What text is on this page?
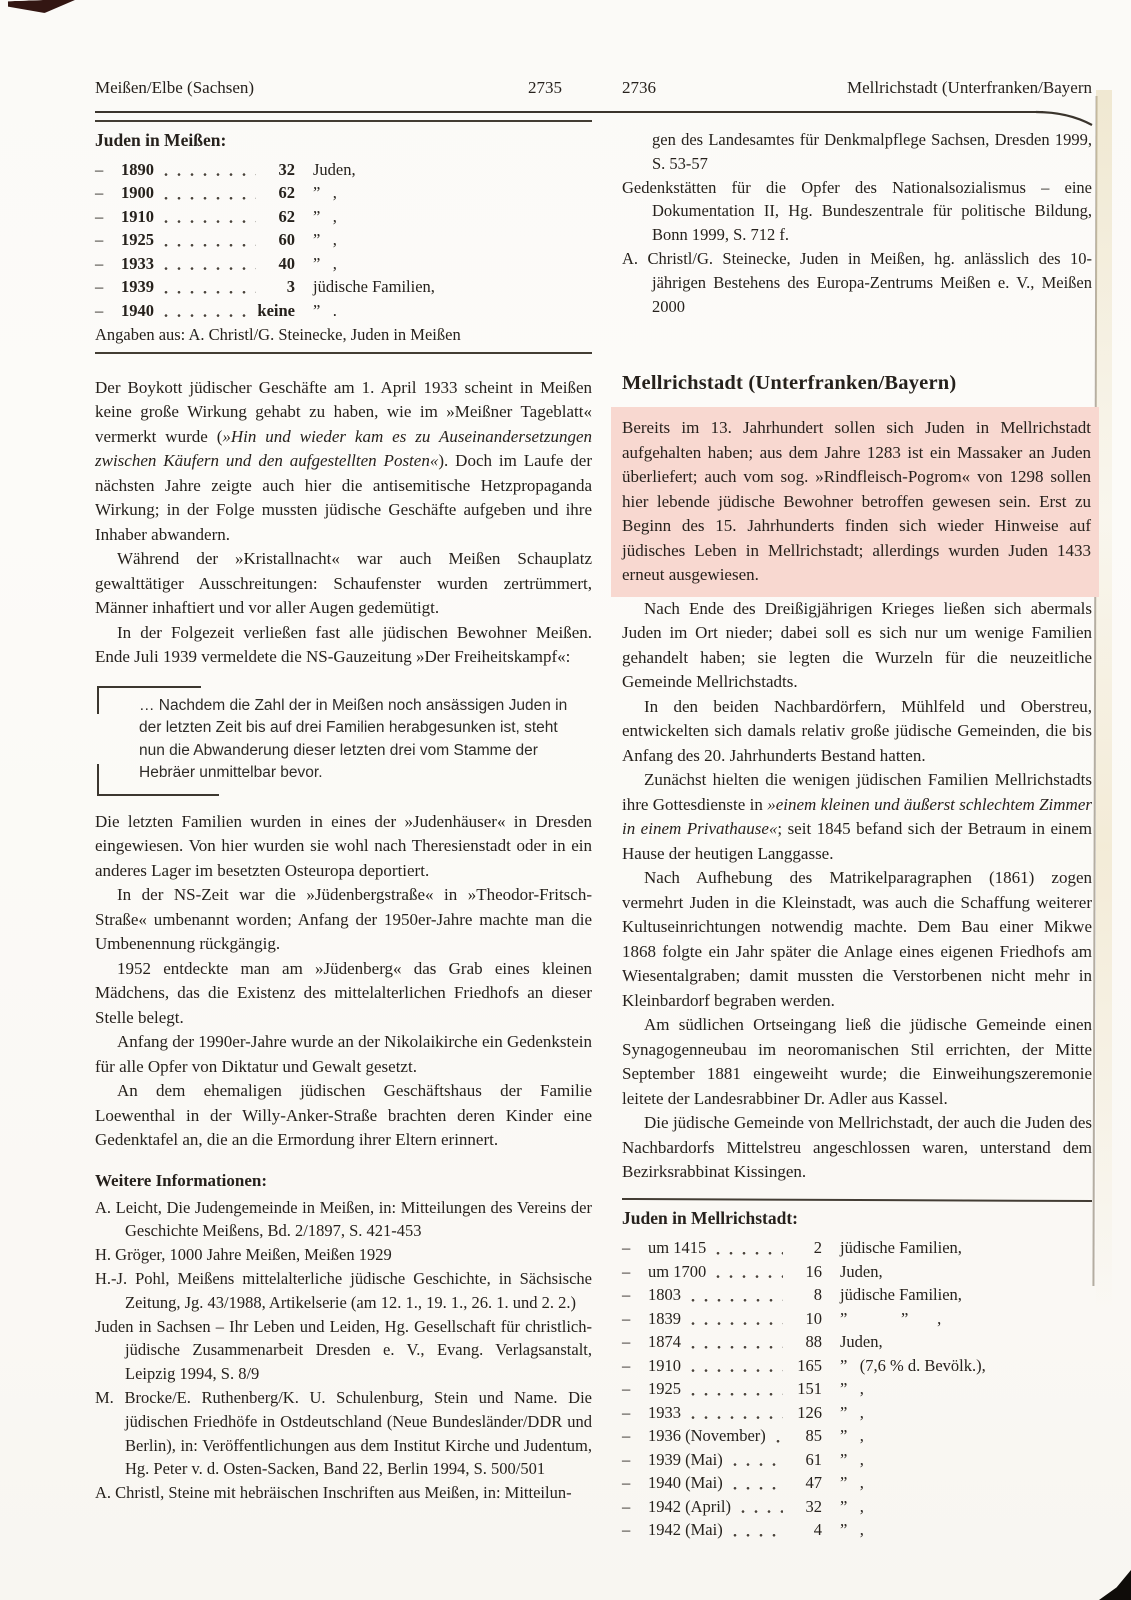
Meißen/Elbe (Sachsen)	2735	2736	Mellrichstadt (Unterfranken/Bayern
Juden in Meißen:
–	1890	32	Juden,
–	1900	62	”   ,
–	1910	62	”   ,
–	1925	60	”   ,
–	1933	40	”   ,
–	1939	3	jüdische Familien,
–	1940	keine	”   .
Angaben aus: A. Christl/G. Steinecke, Juden in Meißen
Der Boykott jüdischer Geschäfte am 1. April 1933 scheint in Meißen keine große Wirkung gehabt zu haben, wie im »Meißner Tageblatt« vermerkt wurde (»Hin und wieder kam es zu Auseinandersetzungen zwischen Käufern und den aufgestellten Posten«). Doch im Laufe der nächsten Jahre zeigte auch hier die antisemitische Hetzpropaganda Wirkung; in der Folge mussten jüdische Geschäfte aufgeben und ihre Inhaber abwandern.
Während der »Kristallnacht« war auch Meißen Schauplatz gewalttätiger Ausschreitungen: Schaufenster wurden zertrümmert, Männer inhaftiert und vor aller Augen gedemütigt.
In der Folgezeit verließen fast alle jüdischen Bewohner Meißen. Ende Juli 1939 vermeldete die NS-Gauzeitung »Der Freiheitskampf«:
… Nachdem die Zahl der in Meißen noch ansässigen Juden in der letzten Zeit bis auf drei Familien herabgesunken ist, steht nun die Abwanderung dieser letzten drei vom Stamme der Hebräer unmittelbar bevor.
Die letzten Familien wurden in eines der »Judenhäuser« in Dresden eingewiesen. Von hier wurden sie wohl nach Theresienstadt oder in ein anderes Lager im besetzten Osteuropa deportiert.
In der NS-Zeit war die »Jüdenbergstraße« in »Theodor-Fritsch-Straße« umbenannt worden; Anfang der 1950er-Jahre machte man die Umbenennung rückgängig.
1952 entdeckte man am »Jüdenberg« das Grab eines kleinen Mädchens, das die Existenz des mittelalterlichen Friedhofs an dieser Stelle belegt.
Anfang der 1990er-Jahre wurde an der Nikolaikirche ein Gedenkstein für alle Opfer von Diktatur und Gewalt gesetzt.
An dem ehemaligen jüdischen Geschäftshaus der Familie Loewenthal in der Willy-Anker-Straße brachten deren Kinder eine Gedenktafel an, die an die Ermordung ihrer Eltern erinnert.
Weitere Informationen:
A. Leicht, Die Judengemeinde in Meißen, in: Mitteilungen des Vereins der Geschichte Meißens, Bd. 2/1897, S. 421-453
H. Gröger, 1000 Jahre Meißen, Meißen 1929
H.-J. Pohl, Meißens mittelalterliche jüdische Geschichte, in Sächsische Zeitung, Jg. 43/1988, Artikelserie (am 12. 1., 19. 1., 26. 1. und 2. 2.)
Juden in Sachsen – Ihr Leben und Leiden, Hg. Gesellschaft für christlich-jüdische Zusammenarbeit Dresden e. V., Evang. Verlagsanstalt, Leipzig 1994, S. 8/9
M. Brocke/E. Ruthenberg/K. U. Schulenburg, Stein und Name. Die jüdischen Friedhöfe in Ostdeutschland (Neue Bundesländer/DDR und Berlin), in: Veröffentlichungen aus dem Institut Kirche und Judentum, Hg. Peter v. d. Osten-Sacken, Band 22, Berlin 1994, S. 500/501
A. Christl, Steine mit hebräischen Inschriften aus Meißen, in: Mitteilun-
gen des Landesamtes für Denkmalpflege Sachsen, Dresden 1999, S. 53-57
Gedenkstätten für die Opfer des Nationalsozialismus – eine Dokumentation II, Hg. Bundeszentrale für politische Bildung, Bonn 1999, S. 712 f.
A. Christl/G. Steinecke, Juden in Meißen, hg. anlässlich des 10-jährigen Bestehens des Europa-Zentrums Meißen e. V., Meißen 2000
Mellrichstadt (Unterfranken/Bayern)
Bereits im 13. Jahrhundert sollen sich Juden in Mellrichstadt aufgehalten haben; aus dem Jahre 1283 ist ein Massaker an Juden überliefert; auch vom sog. »Rindfleisch-Pogrom« von 1298 sollen hier lebende jüdische Bewohner betroffen gewesen sein. Erst zu Beginn des 15. Jahrhunderts finden sich wieder Hinweise auf jüdisches Leben in Mellrichstadt; allerdings wurden Juden 1433 erneut ausgewiesen.
Nach Ende des Dreißigjährigen Krieges ließen sich abermals Juden im Ort nieder; dabei soll es sich nur um wenige Familien gehandelt haben; sie legten die Wurzeln für die neuzeitliche Gemeinde Mellrichstadts.
In den beiden Nachbardörfern, Mühlfeld und Oberstreu, entwickelten sich damals relativ große jüdische Gemeinden, die bis Anfang des 20. Jahrhunderts Bestand hatten.
Zunächst hielten die wenigen jüdischen Familien Mellrichstadts ihre Gottesdienste in »einem kleinen und äußerst schlechtem Zimmer in einem Privathause«; seit 1845 befand sich der Betraum in einem Hause der heutigen Langgasse.
Nach Aufhebung des Matrikelparagraphen (1861) zogen vermehrt Juden in die Kleinstadt, was auch die Schaffung weiterer Kultuseinrichtungen notwendig machte. Dem Bau einer Mikwe 1868 folgte ein Jahr später die Anlage eines eigenen Friedhofs am Wiesentalgraben; damit mussten die Verstorbenen nicht mehr in Kleinbardorf begraben werden.
Am südlichen Ortseingang ließ die jüdische Gemeinde einen Synagogenneubau im neoromanischen Stil errichten, der Mitte September 1881 eingeweiht wurde; die Einweihungszeremonie leitete der Landesrabbiner Dr. Adler aus Kassel.
Die jüdische Gemeinde von Mellrichstadt, der auch die Juden des Nachbardorfs Mittelstreu angeschlossen waren, unterstand dem Bezirksrabbinat Kissingen.
Juden in Mellrichstadt:
–	um 1415	2	jüdische Familien,
–	um 1700	16	Juden,
–	1803	8	jüdische Familien,
–	1839	10	”             ”       ,
–	1874	88	Juden,
–	1910	165	”   (7,6 % d. Bevölk.),
–	1925	151	”   ,
–	1933	126	”   ,
–	1936 (November)	85	”   ,
–	1939 (Mai)	61	”   ,
–	1940 (Mai)	47	”   ,
–	1942 (April)	32	”   ,
–	1942 (Mai)	4	”   ,
